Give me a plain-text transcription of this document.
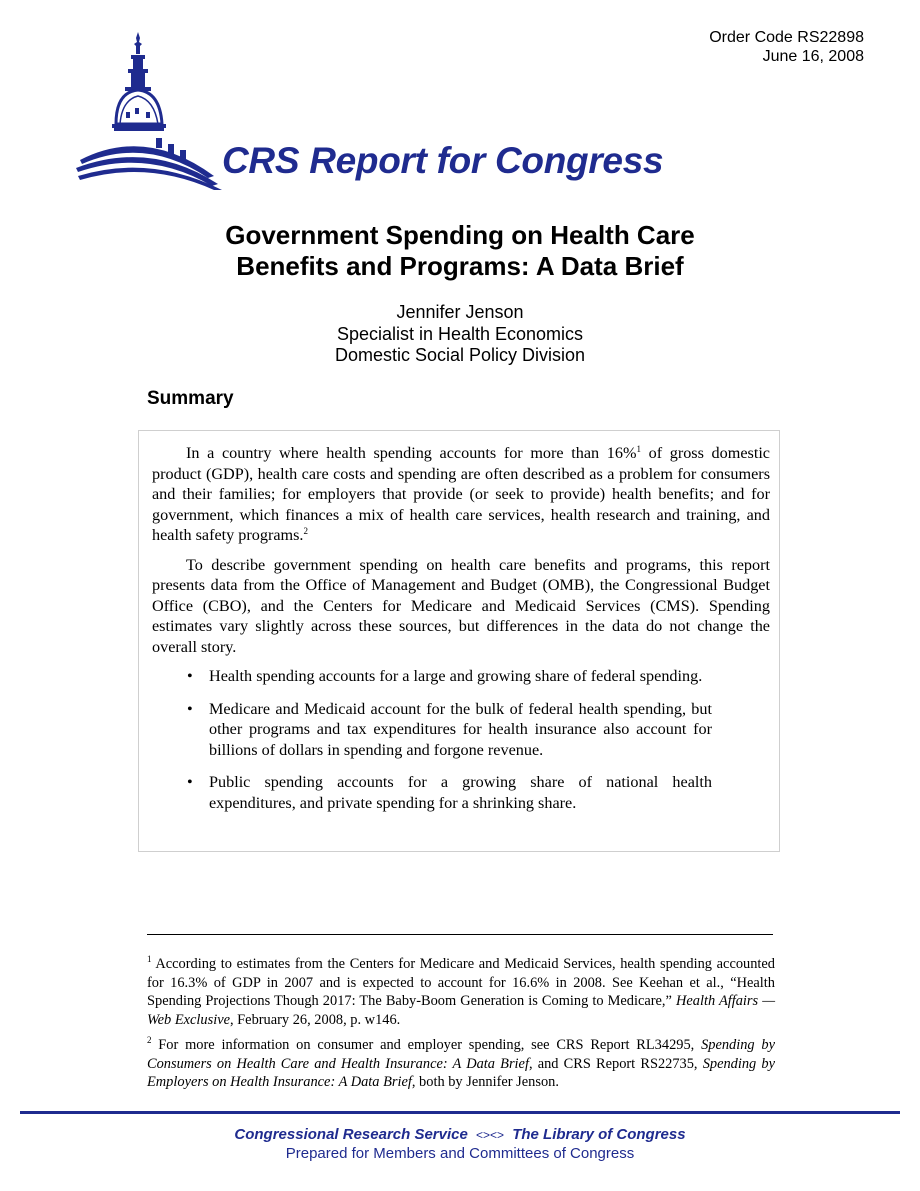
Order Code RS22898
June 16, 2008
CRS Report for Congress
Government Spending on Health Care
Benefits and Programs: A Data Brief
Jennifer Jenson
Specialist in Health Economics
Domestic Social Policy Division
Summary

In a country where health spending accounts for more than 16%$^1$ of gross domestic product (GDP), health care costs and spending are often described as a problem for consumers and their families; for employers that provide (or seek to provide) health benefits; and for government, which finances a mix of health care services, health research and training, and health safety programs.$^2$

To describe government spending on health care benefits and programs, this report presents data from the Office of Management and Budget (OMB), the Congressional Budget Office (CBO), and the Centers for Medicare and Medicaid Services (CMS). Spending estimates vary slightly across these sources, but differences in the data do not change the overall story.

• Health spending accounts for a large and growing share of federal spending.
• Medicare and Medicaid account for the bulk of federal health spending, but other programs and tax expenditures for health insurance also account for billions of dollars in spending and forgone revenue.
• Public spending accounts for a growing share of national health expenditures, and private spending for a shrinking share.

$^1$ According to estimates from the Centers for Medicare and Medicaid Services, health spending accounted for 16.3% of GDP in 2007 and is expected to account for 16.6% in 2008. See Keehan et al., “Health Spending Projections Though 2017: The Baby-Boom Generation is Coming to Medicare,” Health Affairs — Web Exclusive, February 26, 2008, p. w146.

$^2$ For more information on consumer and employer spending, see CRS Report RL34295, Spending by Consumers on Health Care and Health Insurance: A Data Brief, and CRS Report RS22735, Spending by Employers on Health Insurance: A Data Brief, both by Jennifer Jenson.

Congressional Research Service <><> The Library of Congress
Prepared for Members and Committees of Congress
